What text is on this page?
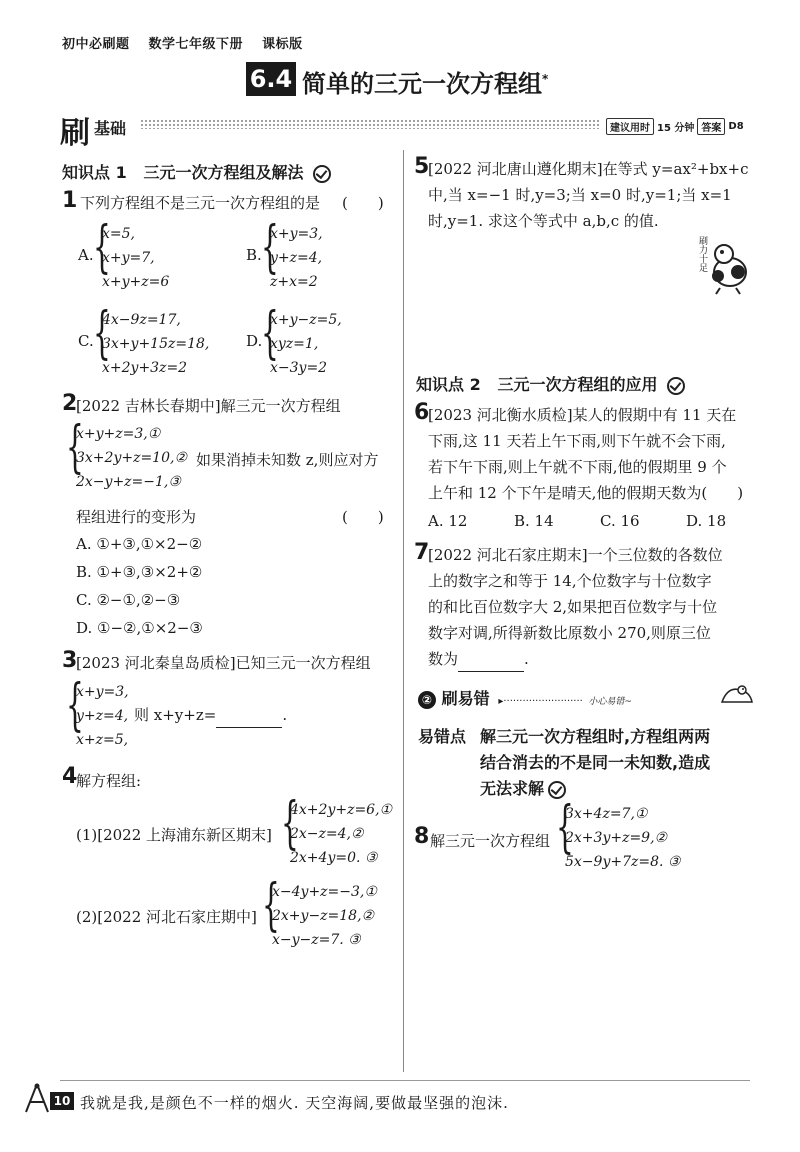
初中必刷题 数学七年级下册 课标版
6.4 简单的三元一次方程组*
刷 基础	建议用时 15 分钟 答案 D8
知识点 1 三元一次方程组及解法
1 下列方程组不是三元一次方程组的是 (　　)
A. {
x=5,
x+y=7,
x+y+z=6
B. {
x+y=3,
y+z=4,
z+x=2
C. {
4x−9z=17,
3x+y+15z=18,
x+2y+3z=2
D.
{
x+y−z=5,
xyz=1,
x−3y=2
2
[2022 吉林长春期中]解三元一次方程组
{
x+y+z=3,①
3x+2y+z=10,②
2x−y+z=−1,③
如果消掉未知数 z,则应对方
程组进行的变形为	(　　)
A. ①+③,①×2−②
B. ①+③,③×2+②
C. ②−①,②−③
D. ①−②,①×2−③
3
[2023 河北秦皇岛质检]已知三元一次方程组
{
x+y=3,
y+z=4,
x+z=5,
则 x+y+z=	.
4
解方程组:
(1)[2022 上海浦东新区期末] {
4x+2y+z=6,①
2x−z=4,②
2x+4y=0. ③
(2)[2022 河北石家庄期中] {
x−4y+z=−3,①
2x+y−z=18,②
x−y−z=7. ③
5
[2022 河北唐山遵化期末]在等式 y=ax²+bx+c
中,当 x=−1 时,y=3;当 x=0 时,y=1;当 x=1
时,y=1. 求这个等式中 a,b,c 的值.
刷力十足
知识点 2 三元一次方程组的应用
6
[2023 河北衡水质检]某人的假期中有 11 天在
下雨,这 11 天若上午下雨,则下午就不会下雨,
若下午下雨,则上午就不下雨,他的假期里 9 个
上午和 12 个下午是晴天,他的假期天数为(　　)
A. 12	B. 14	C. 16	D. 18
7
[2022 河北石家庄期末]一个三位数的各数位
上的数字之和等于 14,个位数字与十位数字
的和比百位数字大 2,如果把百位数字与十位
数字对调,所得新数比原数小 270,则原三位
数为	.
② 刷易错  ▸························· 小心易错~
易错点 解三元一次方程组时,方程组两两
结合消去的不是同一未知数,造成
无法求解
8 解三元一次方程组 {
3x+4z=7,①
2x+3y+z=9,②
5x−9y+7z=8. ③
10 我就是我,是颜色不一样的烟火. 天空海阔,要做最坚强的泡沫.
